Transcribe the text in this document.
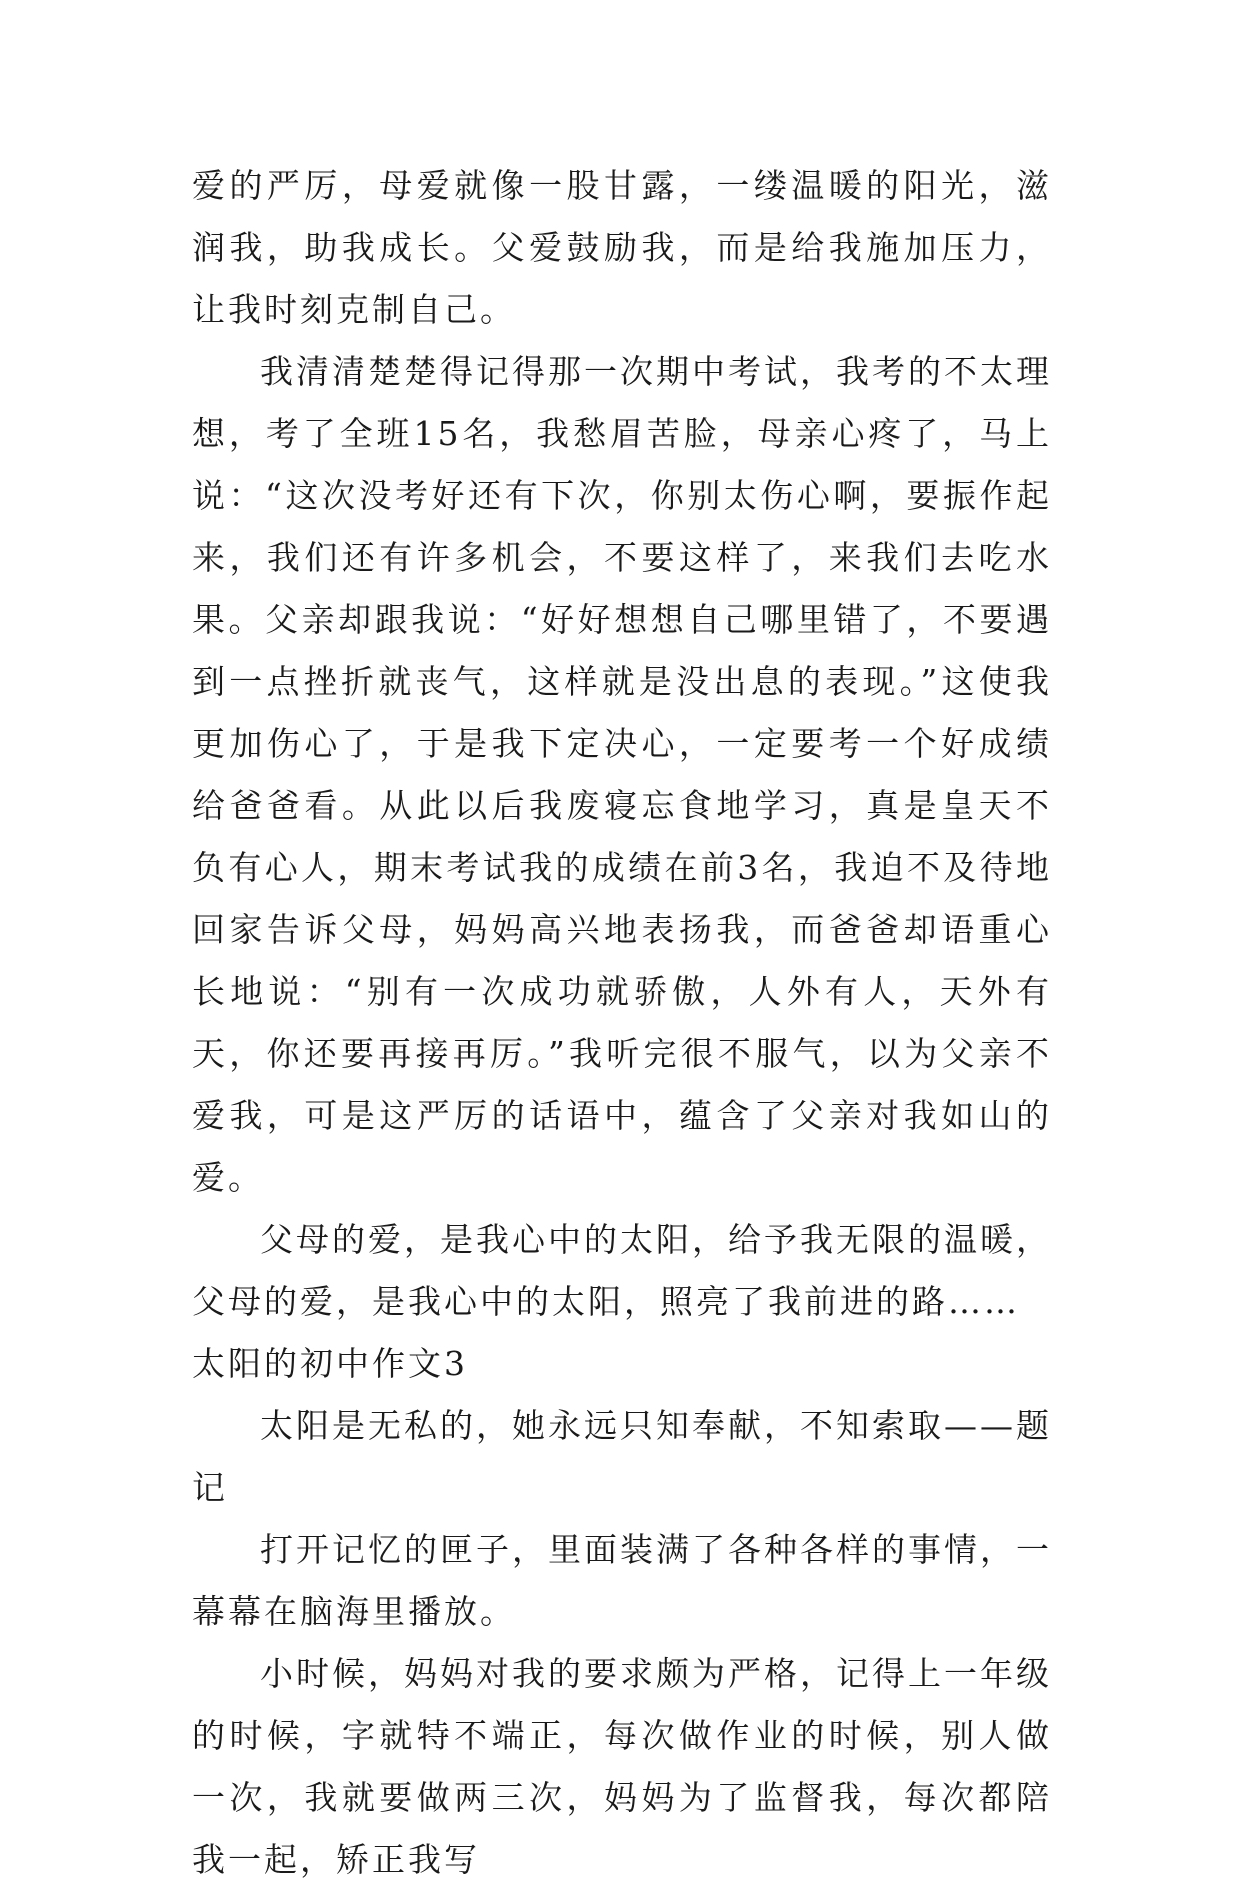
爱的严厉，母爱就像一股甘露，一缕温暖的阳光，滋润我，助我成长。父爱鼓励我，而是给我施加压力，让我时刻克制自己。

我清清楚楚得记得那一次期中考试，我考的不太理想，考了全班15名，我愁眉苦脸，母亲心疼了，马上说：“这次没考好还有下次，你别太伤心啊，要振作起来，我们还有许多机会，不要这样了，来我们去吃水果。父亲却跟我说：“好好想想自己哪里错了，不要遇到一点挫折就丧气，这样就是没出息的表现。”这使我更加伤心了，于是我下定决心，一定要考一个好成绩给爸爸看。从此以后我废寝忘食地学习，真是皇天不负有心人，期末考试我的成绩在前3名，我迫不及待地回家告诉父母，妈妈高兴地表扬我，而爸爸却语重心长地说：“别有一次成功就骄傲，人外有人，天外有天，你还要再接再厉。”我听完很不服气，以为父亲不爱我，可是这严厉的话语中，蕴含了父亲对我如山的爱。

父母的爱，是我心中的太阳，给予我无限的温暖，父母的爱，是我心中的太阳，照亮了我前进的路……

太阳的初中作文3

太阳是无私的，她永远只知奉献，不知索取——题记

打开记忆的匣子，里面装满了各种各样的事情，一幕幕在脑海里播放。

小时候，妈妈对我的要求颇为严格，记得上一年级的时候，字就特不端正，每次做作业的时候，别人做一次，我就要做两三次，妈妈为了监督我，每次都陪我一起，矫正我写
